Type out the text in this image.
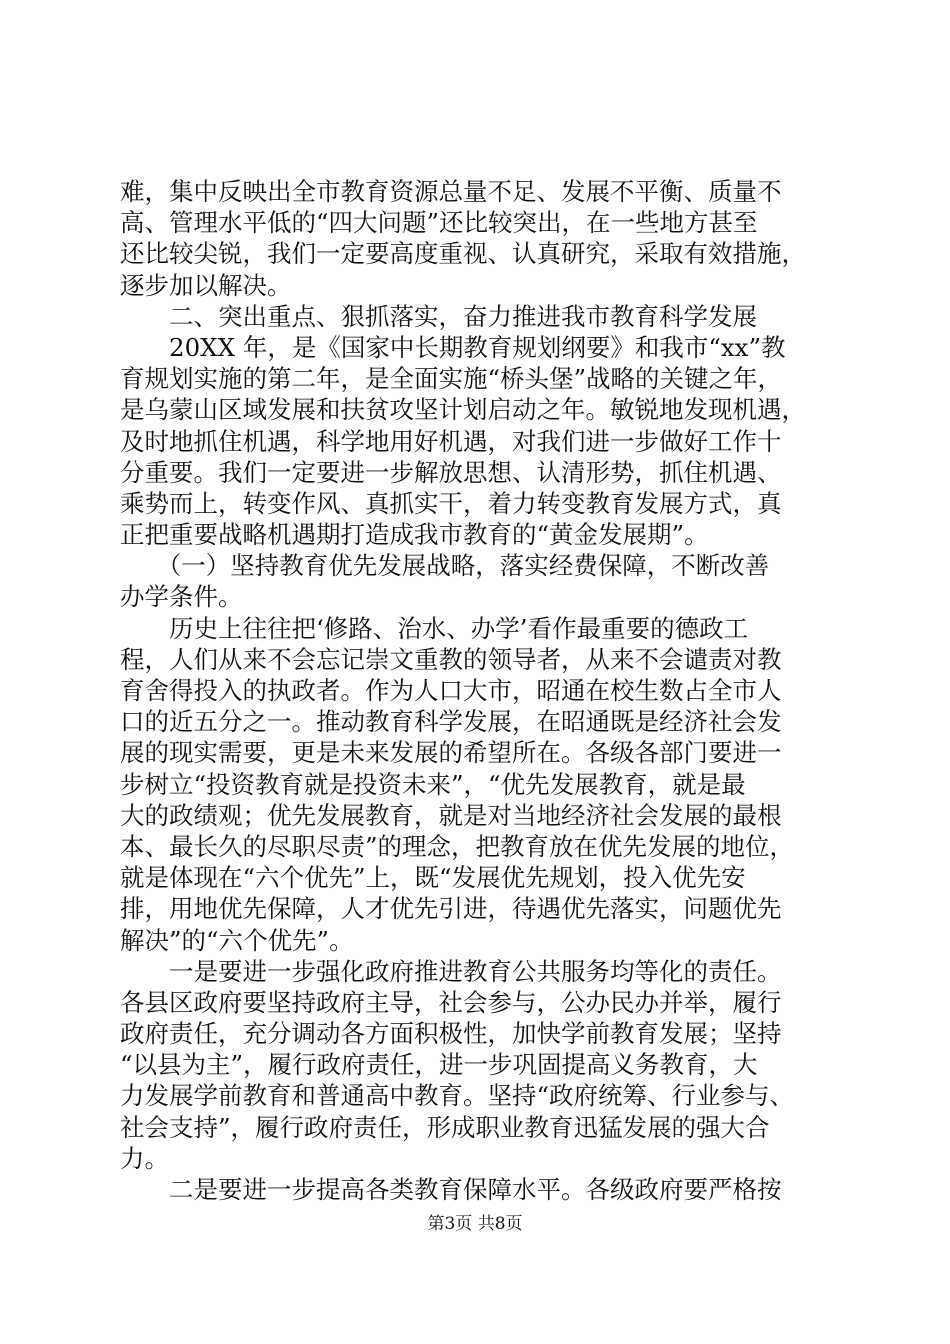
难，集中反映出全市教育资源总量不足、发展不平衡、质量不
高、管理水平低的“四大问题”还比较突出，在一些地方甚至
还比较尖锐，我们一定要高度重视、认真研究，采取有效措施，
逐步加以解决。
　　二、突出重点、狠抓落实，奋力推进我市教育科学发展
　　20XX 年，是《国家中长期教育规划纲要》和我市“xx”教
育规划实施的第二年，是全面实施“桥头堡”战略的关键之年，
是乌蒙山区域发展和扶贫攻坚计划启动之年。敏锐地发现机遇，
及时地抓住机遇，科学地用好机遇，对我们进一步做好工作十
分重要。我们一定要进一步解放思想、认清形势，抓住机遇、
乘势而上，转变作风、真抓实干，着力转变教育发展方式，真
正把重要战略机遇期打造成我市教育的“黄金发展期”。
　　（一）坚持教育优先发展战略，落实经费保障，不断改善
办学条件。
　　历史上往往把‘修路、治水、办学’看作最重要的德政工
程，人们从来不会忘记崇文重教的领导者，从来不会谴责对教
育舍得投入的执政者。作为人口大市，昭通在校生数占全市人
口的近五分之一。推动教育科学发展，在昭通既是经济社会发
展的现实需要，更是未来发展的希望所在。各级各部门要进一
步树立“投资教育就是投资未来”，“优先发展教育，就是最
大的政绩观；优先发展教育，就是对当地经济社会发展的最根
本、最长久的尽职尽责”的理念，把教育放在优先发展的地位，
就是体现在“六个优先”上，既“发展优先规划，投入优先安
排，用地优先保障，人才优先引进，待遇优先落实，问题优先
解决”的“六个优先”。
　　一是要进一步强化政府推进教育公共服务均等化的责任。
各县区政府要坚持政府主导，社会参与，公办民办并举，履行
政府责任，充分调动各方面积极性，加快学前教育发展；坚持
“以县为主”，履行政府责任，进一步巩固提高义务教育，大
力发展学前教育和普通高中教育。坚持“政府统筹、行业参与、
社会支持”，履行政府责任，形成职业教育迅猛发展的强大合
力。
　　二是要进一步提高各类教育保障水平。各级政府要严格按
第3页 共8页
